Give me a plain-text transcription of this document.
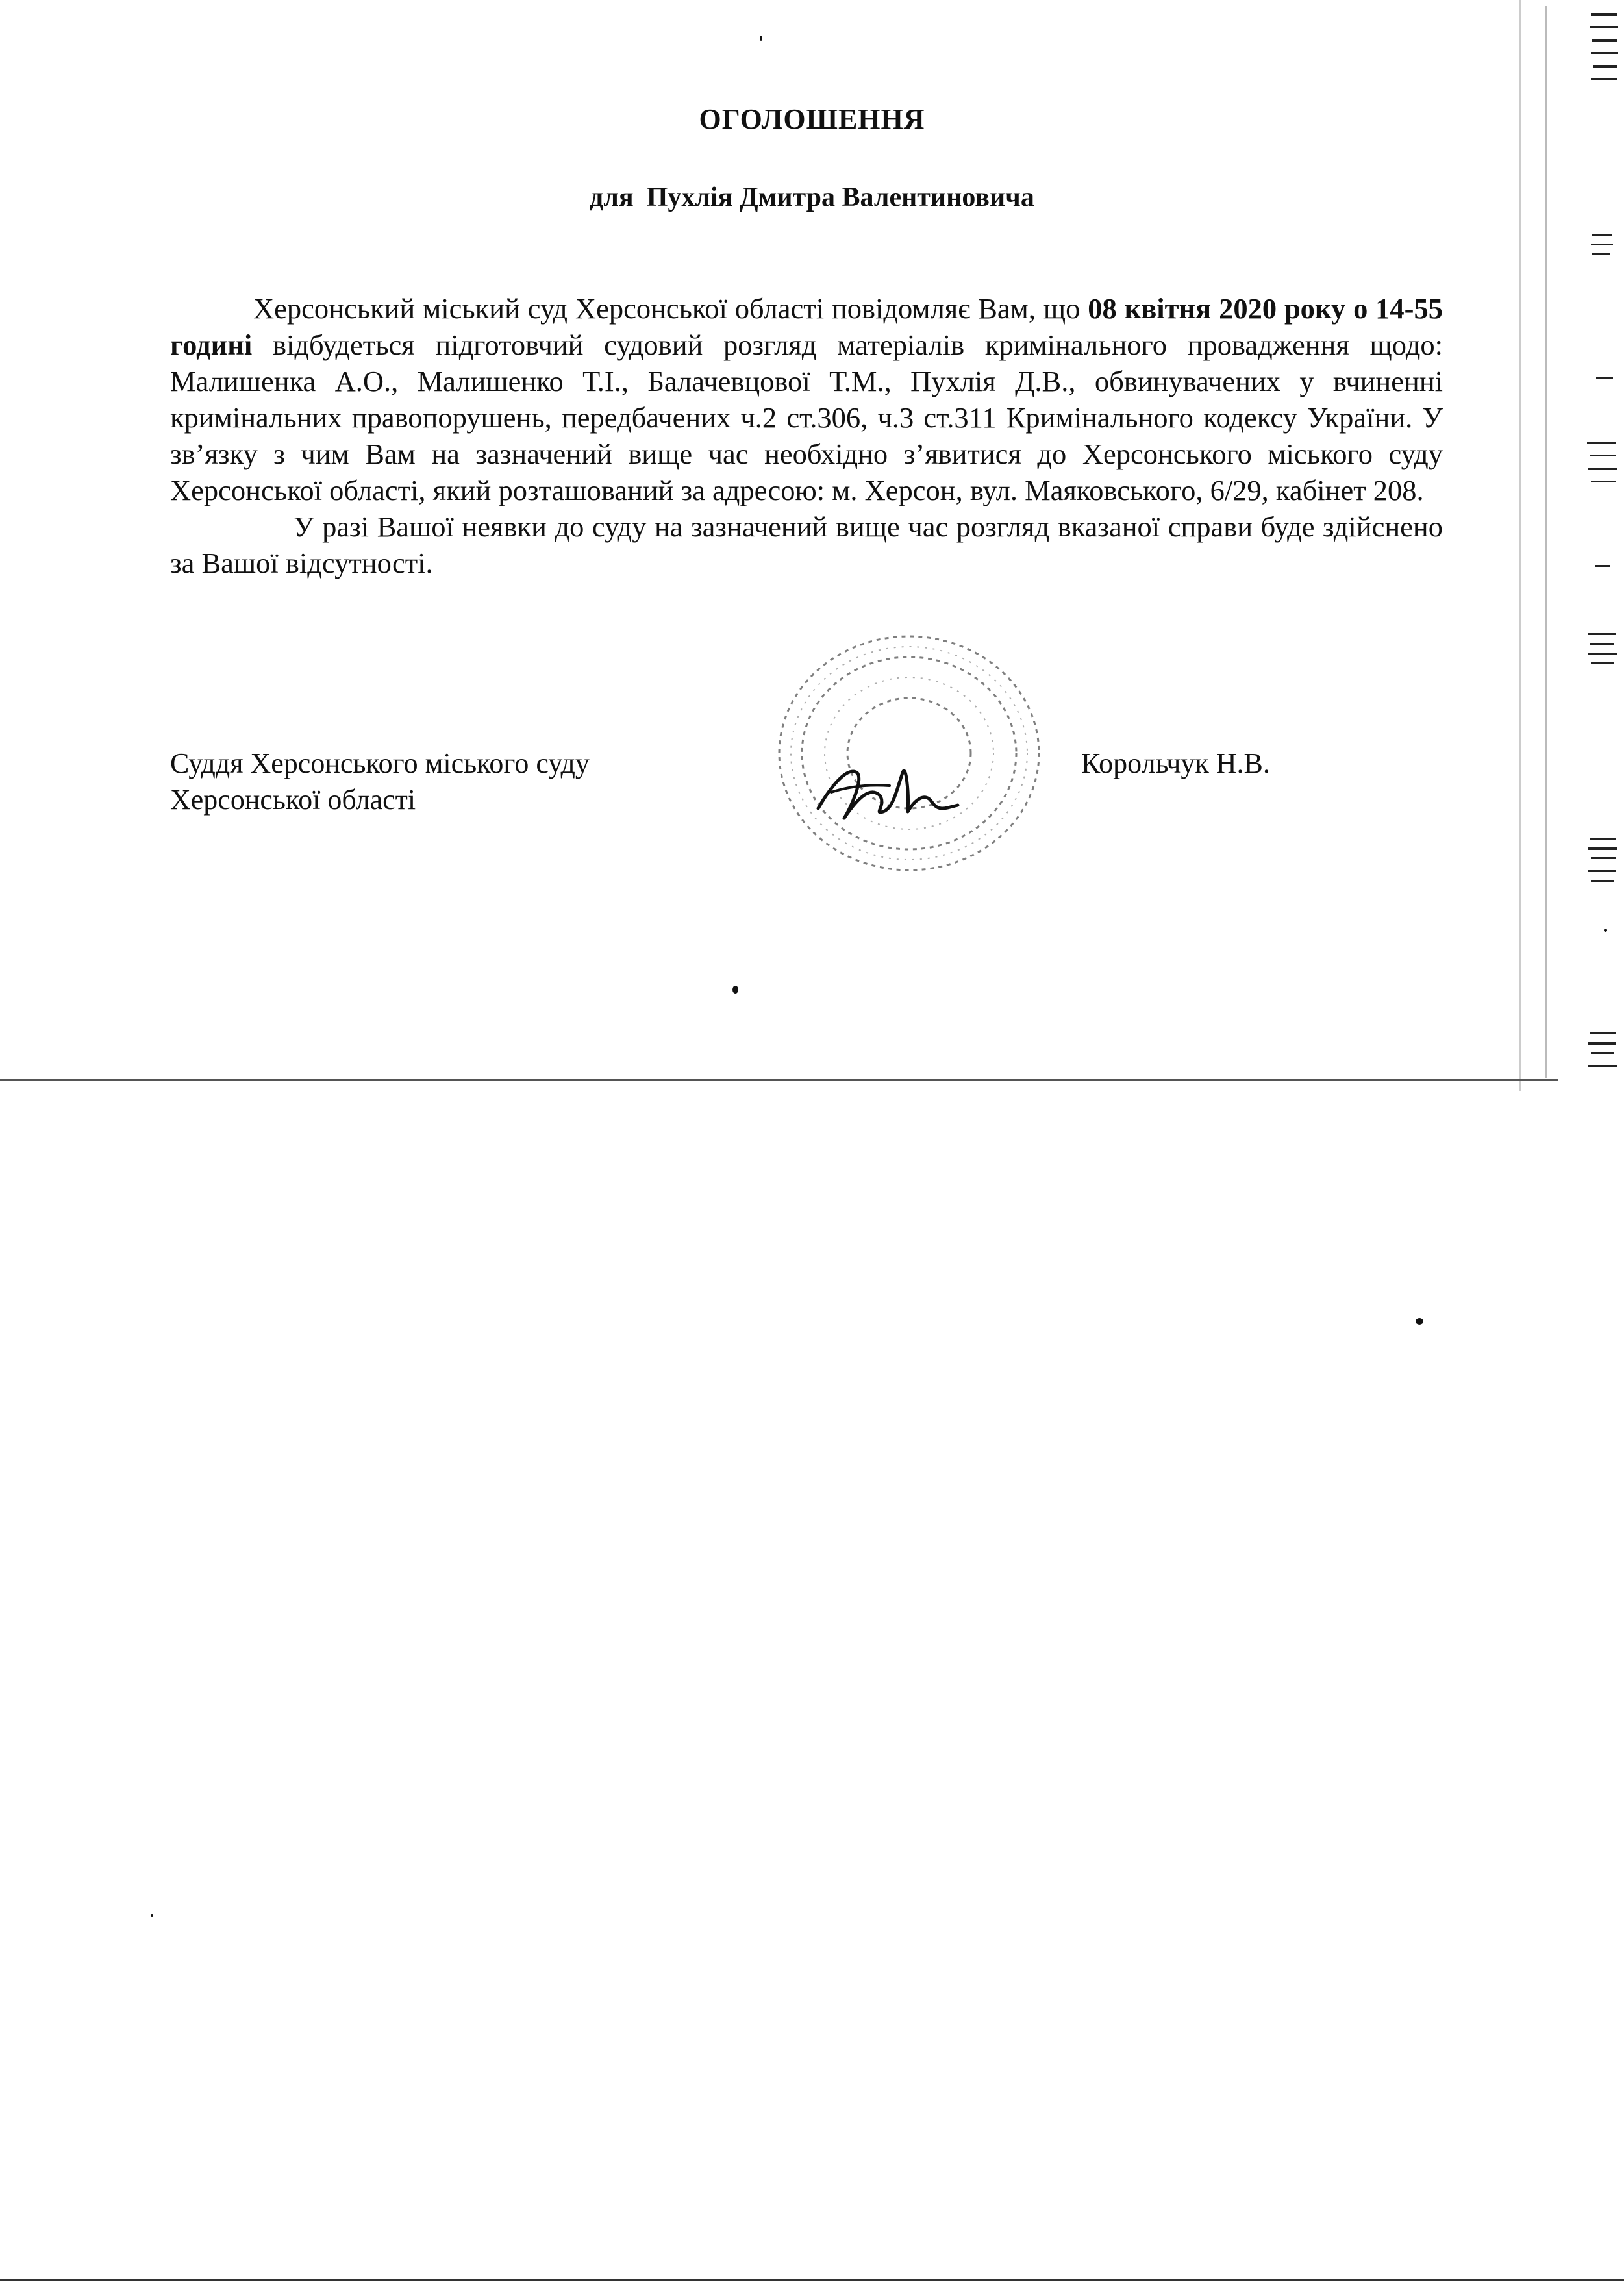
ОГОЛОШЕННЯ
для Пухлія Дмитра Валентиновича

Херсонський міський суд Херсонської області повідомляє Вам, що 08 квітня 2020 року о 14-55 годині відбудеться підготовчий судовий розгляд матеріалів кримінального провадження щодо: Малишенка А.О., Малишенко Т.І., Балачевцової Т.М., Пухлія Д.В., обвинувачених у вчиненні кримінальних правопорушень, передбачених ч.2 ст.306, ч.3 ст.311 Кримінального кодексу України. У зв’язку з чим Вам на зазначений вище час необхідно з’явитися до Херсонського міського суду Херсонської області, який розташований за адресою: м. Херсон, вул. Маяковського, 6/29, кабінет 208.

У разі Вашої неявки до суду на зазначений вище час розгляд вказаної справи буде здійснено за Вашої відсутності.

Суддя Херсонського міського суду
Херсонської області
Корольчук Н.В.
